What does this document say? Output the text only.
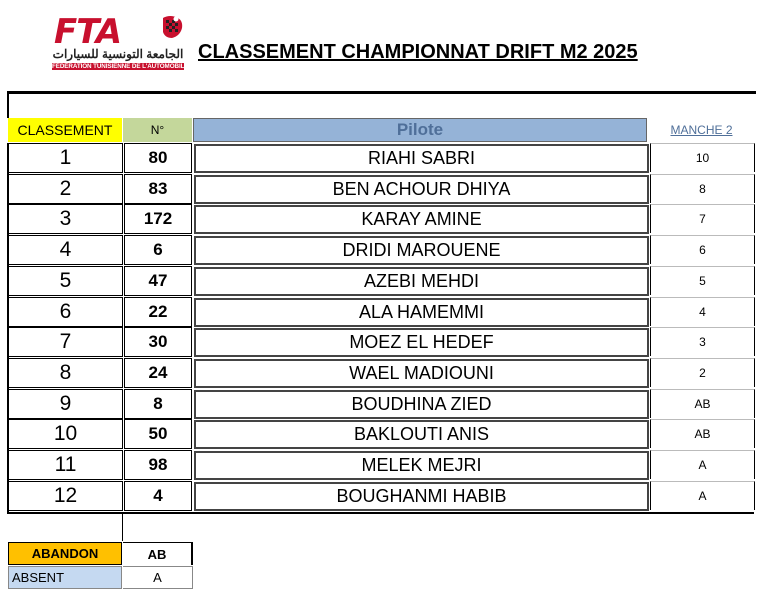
FTA
الجامعة التونسية للسيارات
FÉDÉRATION TUNISIENNE DE L'AUTOMOBILE
CLASSEMENT CHAMPIONNAT DRIFT M2 2025
CLASSEMENT	N°	Pilote	MANCHE 2
1	80	RIAHI SABRI	10
2	83	BEN ACHOUR DHIYA	8
3	172	KARAY AMINE	7
4	6	DRIDI MAROUENE	6
5	47	AZEBI MEHDI	5
6	22	ALA HAMEMMI	4
7	30	MOEZ EL HEDEF	3
8	24	WAEL MADIOUNI	2
9	8	BOUDHINA ZIED	AB
10	50	BAKLOUTI ANIS	AB
11	98	MELEK MEJRI	A
12	4	BOUGHANMI HABIB	A
ABANDON	AB
ABSENT	A
